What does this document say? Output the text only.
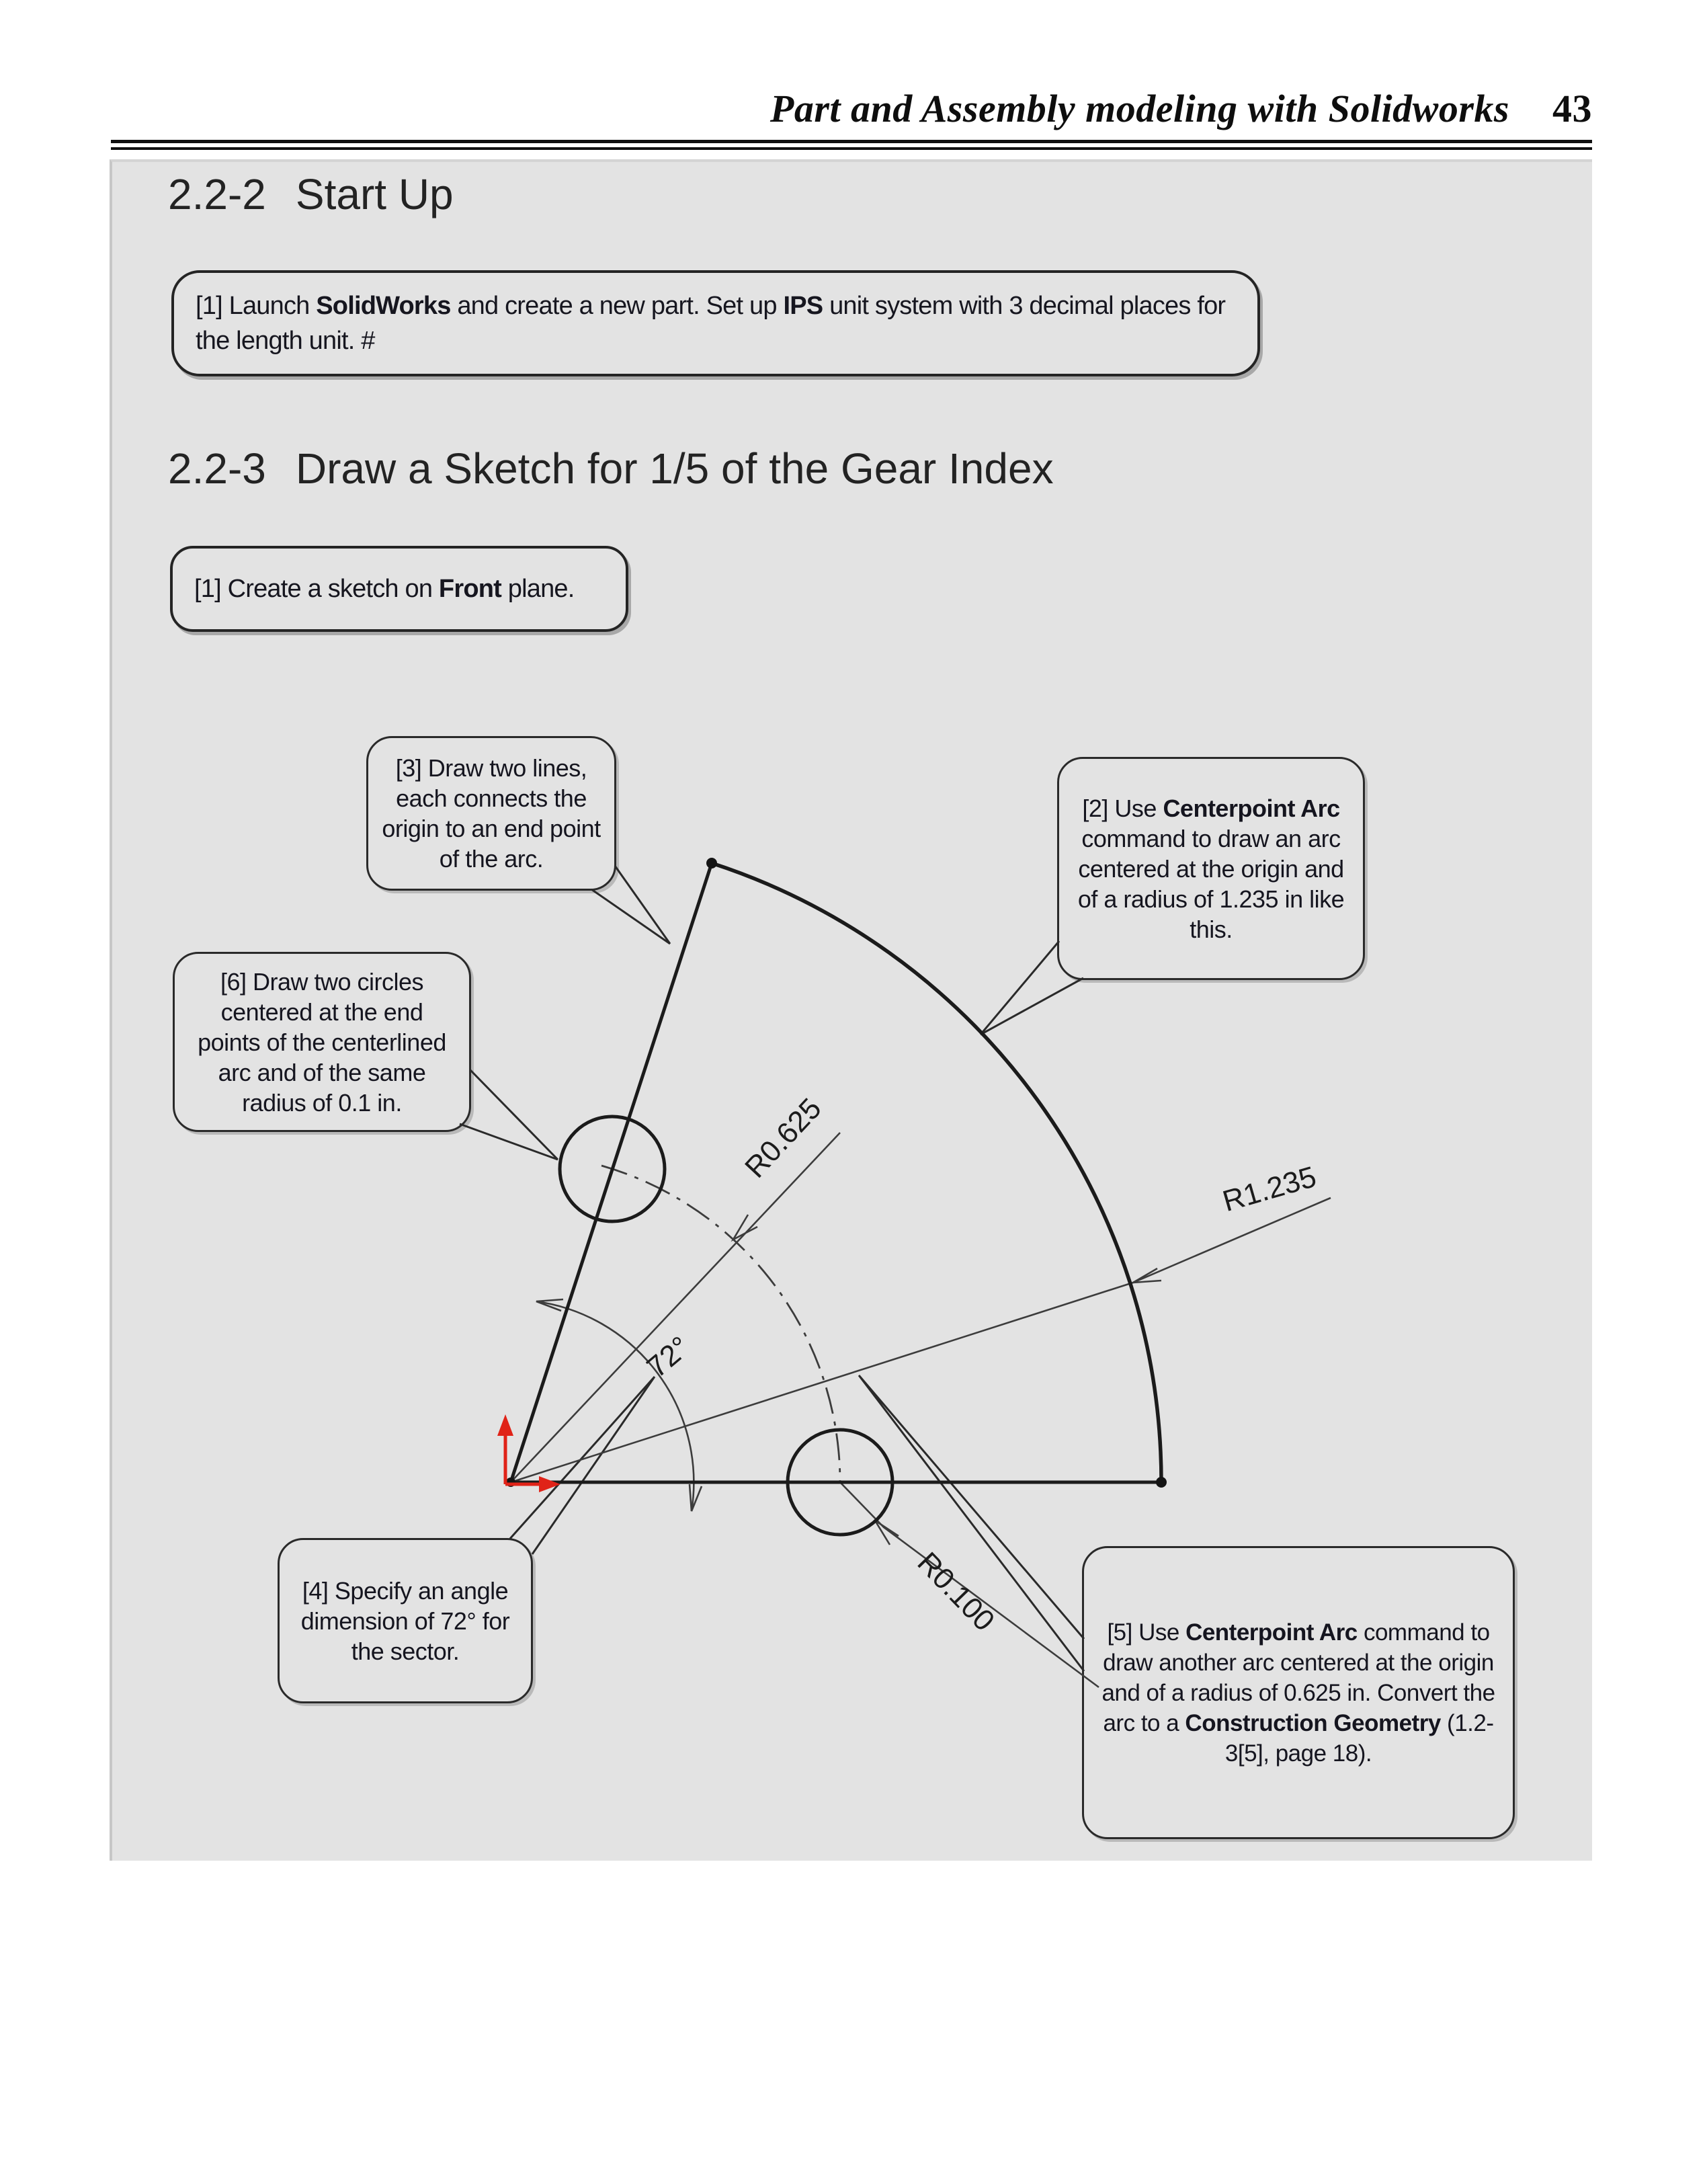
Part and Assembly modeling with Solidworks 43
2.2-2 Start Up
[1] Launch SolidWorks and create a new part. Set up IPS unit system with 3 decimal places for the length unit. #
2.2-3 Draw a Sketch for 1/5 of the Gear Index
[1] Create a sketch on Front plane.
[3] Draw two lines, each connects the origin to an end point of the arc.
[2] Use Centerpoint Arc command to draw an arc centered at the origin and of a radius of 1.235 in like this.
[6] Draw two circles centered at the end points of the centerlined arc and of the same radius of 0.1 in.
[4] Specify an angle dimension of 72° for the sector.
[5] Use Centerpoint Arc command to draw another arc centered at the origin and of a radius of 0.625 in. Convert the arc to a Construction Geometry (1.2-3[5], page 18).
R0.625
R1.235
R0.100
72°
